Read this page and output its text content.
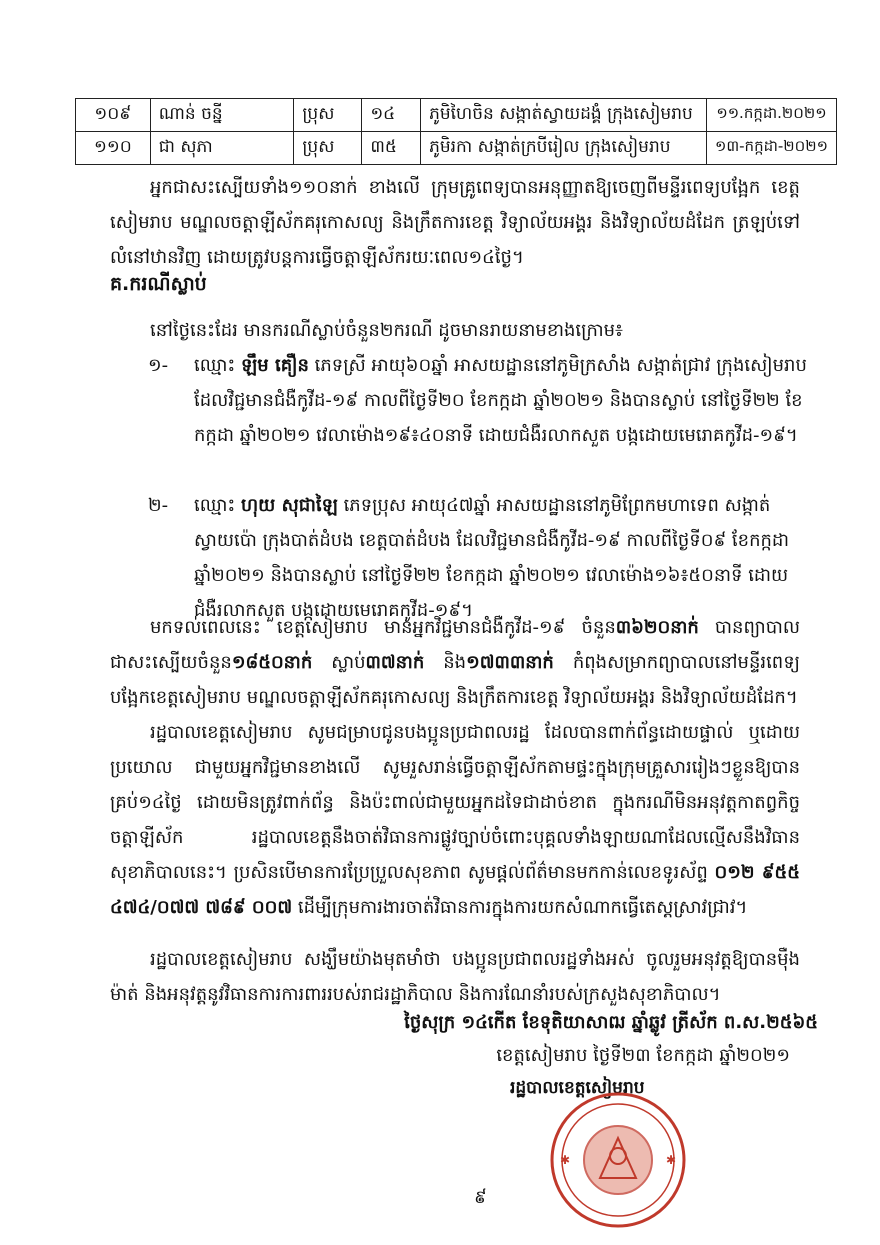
១០៩	ណាន់ ចន្នី	ប្រុស	១៤	ភូមិហៃចិន សង្កាត់ស្វាយដង្គំ ក្រុងសៀមរាប	១១.កក្កដា.២០២១
១១០	ជា សុភា	ប្រុស	៣៥	ភូមិរកា សង្កាត់ក្របីរៀល ក្រុងសៀមរាប	១៣-កក្កដា-២០២១

អ្នកជាសះស្បើយទាំង១១០នាក់ ខាងលើ ក្រុមគ្រូពេទ្យបានអនុញ្ញាតឱ្យចេញពីមន្ទីរពេទ្យបង្អែក ខេត្តសៀមរាប មណ្ឌលចត្តាឡីស័កគរុកោសល្យ និងក្រឹតការខេត្ត វិទ្យាល័យអង្គរ និងវិទ្យាល័យដំដែក ត្រឡប់ទៅលំនៅឋានវិញ ដោយត្រូវបន្តការធ្វើចត្តាឡីស័ករយៈពេល១៤ថ្ងៃ។

គ.ករណីស្លាប់

នៅថ្ងៃនេះដែរ មានករណីស្លាប់ចំនួន២ករណី ដូចមានរាយនាមខាងក្រោម៖

១-	ឈ្មោះ ឡឹម គឿន ភេទស្រី អាយុ៦០ឆ្នាំ អាសយដ្ឋាននៅភូមិក្រសាំង សង្កាត់ជ្រាវ ក្រុងសៀមរាប ដែលវិជ្ជមានជំងឺកូវីដ-១៩ កាលពីថ្ងៃទី២០ ខែកក្កដា ឆ្នាំ២០២១ និងបានស្លាប់ នៅថ្ងៃទី២២ ខែកក្កដា ឆ្នាំ២០២១ វេលាម៉ោង១៩៖៤០នាទី ដោយជំងឺរលាកសួត បង្កដោយមេរោគកូវីដ-១៩។
២-	ឈ្មោះ ហុយ សុជាឡៃ ភេទប្រុស អាយុ៤៧ឆ្នាំ អាសយដ្ឋាននៅភូមិព្រែកមហាទេព សង្កាត់ស្វាយប៉ោ ក្រុងបាត់ដំបង ខេត្តបាត់ដំបង ដែលវិជ្ជមានជំងឺកូវីដ-១៩ កាលពីថ្ងៃទី០៩ ខែកក្កដា ឆ្នាំ២០២១ និងបានស្លាប់ នៅថ្ងៃទី២២ ខែកក្កដា ឆ្នាំ២០២១ វេលាម៉ោង១៦៖៥០នាទី ដោយជំងឺរលាកសួត បង្កដោយមេរោគកូវីដ-១៩។

មកទល់ពេលនេះ ខេត្តសៀមរាប មានអ្នកវិជ្ជមានជំងឺកូវីដ-១៩ ចំនួន៣៦២០នាក់ បានព្យាបាលជាសះស្បើយចំនួន១៨៥០នាក់ ស្លាប់៣៧នាក់ និង១៧៣៣នាក់ កំពុងសម្រាកព្យាបាលនៅមន្ទីរពេទ្យបង្អែកខេត្តសៀមរាប មណ្ឌលចត្តាឡីស័កគរុកោសល្យ និងក្រឹតការខេត្ត វិទ្យាល័យអង្គរ និងវិទ្យាល័យដំដែក។

រដ្ឋបាលខេត្តសៀមរាប សូមជម្រាបជូនបងប្អូនប្រជាពលរដ្ឋ ដែលបានពាក់ព័ន្ធដោយផ្ទាល់ ឬដោយប្រយោល ជាមួយអ្នកវិជ្ជមានខាងលើ សូមរួសរាន់ធ្វើចត្តាឡីស័កតាមផ្ទះក្នុងក្រុមគ្រួសាររៀងៗខ្លួនឱ្យបានគ្រប់១៤ថ្ងៃ ដោយមិនត្រូវពាក់ព័ន្ធ និងប៉ះពាល់ជាមួយអ្នកដទៃជាដាច់ខាត ក្នុងករណីមិនអនុវត្តកាតព្វកិច្ចចត្តាឡីស័ក រដ្ឋបាលខេត្តនឹងចាត់វិធានការផ្លូវច្បាប់ចំពោះបុគ្គលទាំងឡាយណាដែលល្មើសនឹងវិធានសុខាភិបាលនេះ។ ប្រសិនបើមានការប្រែប្រួលសុខភាព សូមផ្តល់ព័ត៌មានមកកាន់លេខទូរស័ព្ទ ០១២ ៩៥៥ ៤៧៤/០៧៧ ៧៨៩ ០០៧ ដើម្បីក្រុមការងារចាត់វិធានការក្នុងការយកសំណាកធ្វើតេស្តស្រាវជ្រាវ។

រដ្ឋបាលខេត្តសៀមរាប សង្ឃឹមយ៉ាងមុតមាំថា បងប្អូនប្រជាពលរដ្ឋទាំងអស់ ចូលរួមអនុវត្តឱ្យបានម៉ឺងម៉ាត់ និងអនុវត្តនូវវិធានការការពាររបស់រាជរដ្ឋាភិបាល និងការណែនាំរបស់ក្រសួងសុខាភិបាល។

ថ្ងៃសុក្រ ១៤កើត ខែទុតិយាសាឍ ឆ្នាំឆ្លូវ ត្រីស័ក ព.ស.២៥៦៥

ខេត្តសៀមរាប ថ្ងៃទី២៣ ខែកក្កដា ឆ្នាំ២០២១

រដ្ឋបាលខេត្តសៀមរាប

✱	✱

៩
